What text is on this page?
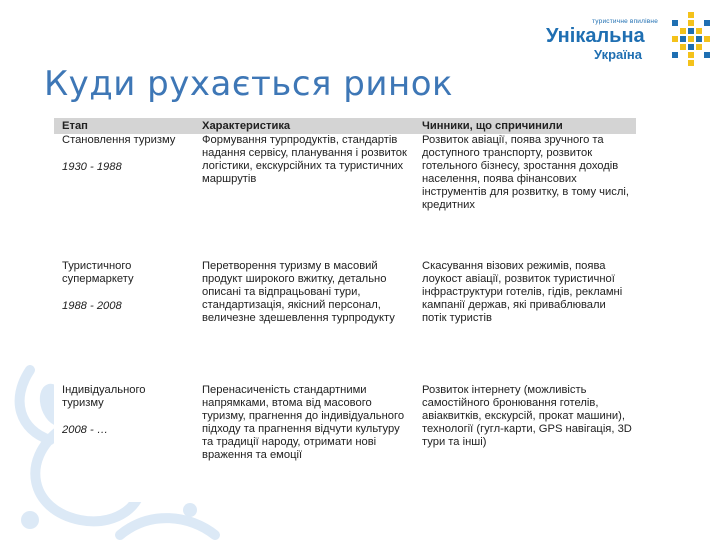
туристичне впилівне
Унікальна
Україна
Куди рухається ринок
Етап	Характеристика	Чинники, що спричинили

Становлення туризму
1930 - 1988	Формування турпродуктів, стандартів надання сервісу, планування і розвиток логістики, екскурсійних та туристичних маршрутів	Розвиток авіації, поява зручного та доступного транспорту, розвиток готельного бізнесу, зростання доходів населення, поява фінансових інструментів для розвитку, в тому числі, кредитних

Туристичного супермаркету
1988 - 2008	Перетворення туризму в масовий продукт широкого вжитку, детально описані та відпрацьовані тури, стандартизація, якісний персонал, величезне здешевлення турпродукту	Скасування візових режимів, поява лоукост авіації, розвиток туристичної інфраструктури готелів, гідів, рекламні кампанії держав, які приваблювали потік туристів

Індивідуального туризму
2008 - …	Перенасиченість стандартними напрямками, втома від масового туризму, прагнення до індивідуального підходу та прагнення відчути культуру та традиції народу, отримати нові враження та емоції	Розвиток інтернету (можливість самостійного бронювання готелів, авіаквитків, екскурсій, прокат машини), технології (гугл-карти, GPS навігація, 3D тури та інші)
